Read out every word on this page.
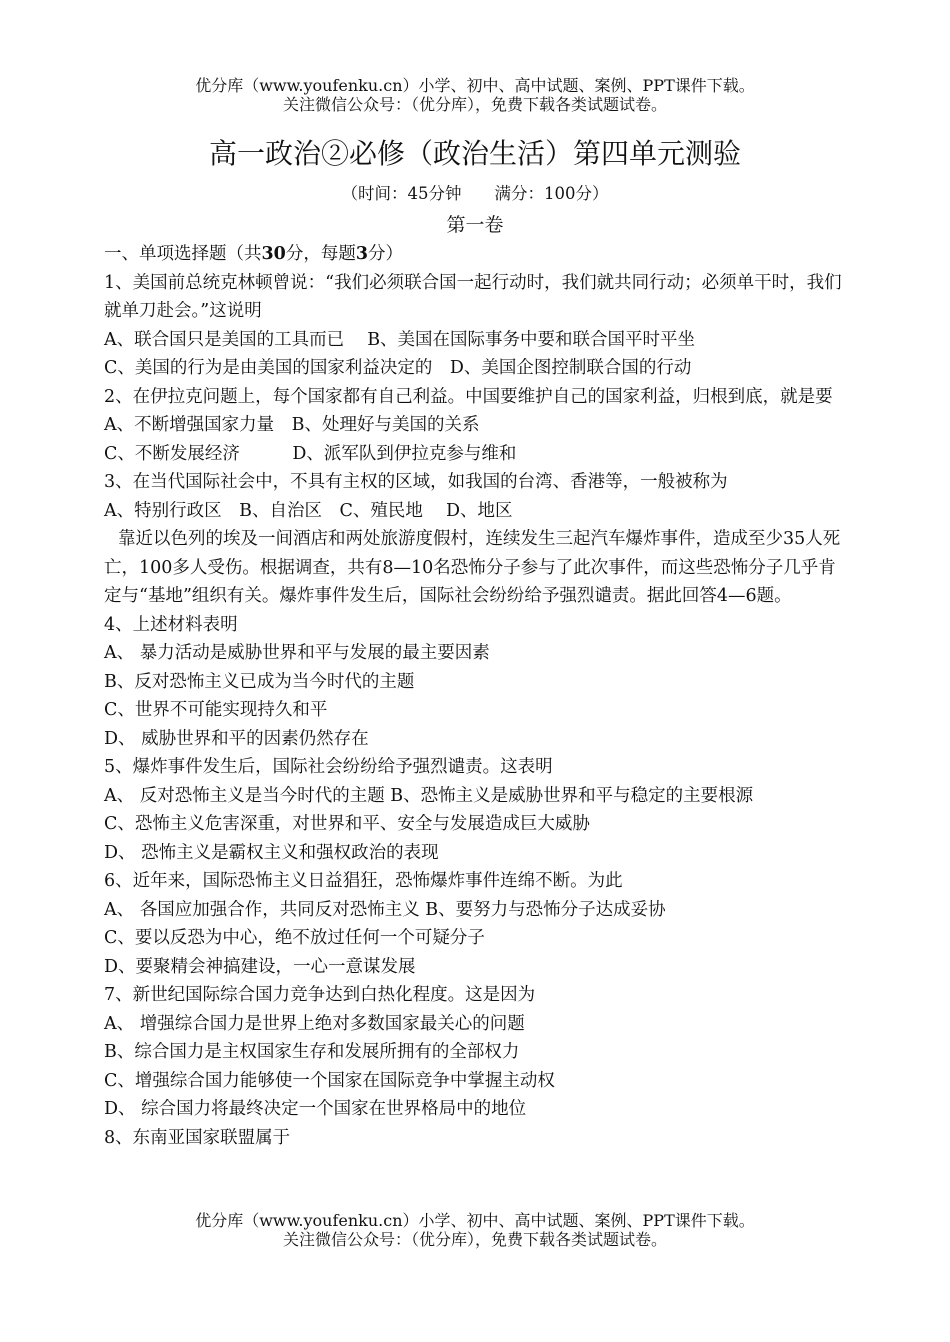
优分库（www.youfenku.cn）小学、初中、高中试题、案例、PPT课件下载。
关注微信公众号：（优分库），免费下载各类试题试卷。
高一政治②必修（政治生活）第四单元测验
（时间：45分钟　　满分：100分）
第一卷
一、单项选择题（共30分，每题3分）
1、美国前总统克林顿曾说：“我们必须联合国一起行动时，我们就共同行动；必须单干时，我们就单刀赴会。”这说明
A、联合国只是美国的工具而已　 B、美国在国际事务中要和联合国平时平坐
C、美国的行为是由美国的国家利益决定的　D、美国企图控制联合国的行动
2、在伊拉克问题上，每个国家都有自己利益。中国要维护自己的国家利益，归根到底，就是要
A、不断增强国家力量　B、处理好与美国的关系
C、不断发展经济　　　D、派军队到伊拉克参与维和
3、在当代国际社会中，不具有主权的区域，如我国的台湾、香港等，一般被称为
A、特别行政区　B、自治区　C、殖民地　 D、地区
靠近以色列的埃及一间酒店和两处旅游度假村，连续发生三起汽车爆炸事件，造成至少35人死亡，100多人受伤。根据调查，共有8—10名恐怖分子参与了此次事件，而这些恐怖分子几乎肯定与“基地”组织有关。爆炸事件发生后，国际社会纷纷给予强烈谴责。据此回答4—6题。
4、上述材料表明
A、 暴力活动是威胁世界和平与发展的最主要因素
B、反对恐怖主义已成为当今时代的主题
C、世界不可能实现持久和平
D、 威胁世界和平的因素仍然存在
5、爆炸事件发生后，国际社会纷纷给予强烈谴责。这表明
A、 反对恐怖主义是当今时代的主题 B、恐怖主义是威胁世界和平与稳定的主要根源
C、恐怖主义危害深重，对世界和平、安全与发展造成巨大威胁
D、 恐怖主义是霸权主义和强权政治的表现
6、近年来，国际恐怖主义日益猖狂，恐怖爆炸事件连绵不断。为此
A、 各国应加强合作，共同反对恐怖主义 B、要努力与恐怖分子达成妥协
C、要以反恐为中心，绝不放过任何一个可疑分子
D、要聚精会神搞建设，一心一意谋发展
7、新世纪国际综合国力竞争达到白热化程度。这是因为
A、 增强综合国力是世界上绝对多数国家最关心的问题
B、综合国力是主权国家生存和发展所拥有的全部权力
C、增强综合国力能够使一个国家在国际竞争中掌握主动权
D、 综合国力将最终决定一个国家在世界格局中的地位
8、东南亚国家联盟属于
优分库（www.youfenku.cn）小学、初中、高中试题、案例、PPT课件下载。
关注微信公众号：（优分库），免费下载各类试题试卷。
